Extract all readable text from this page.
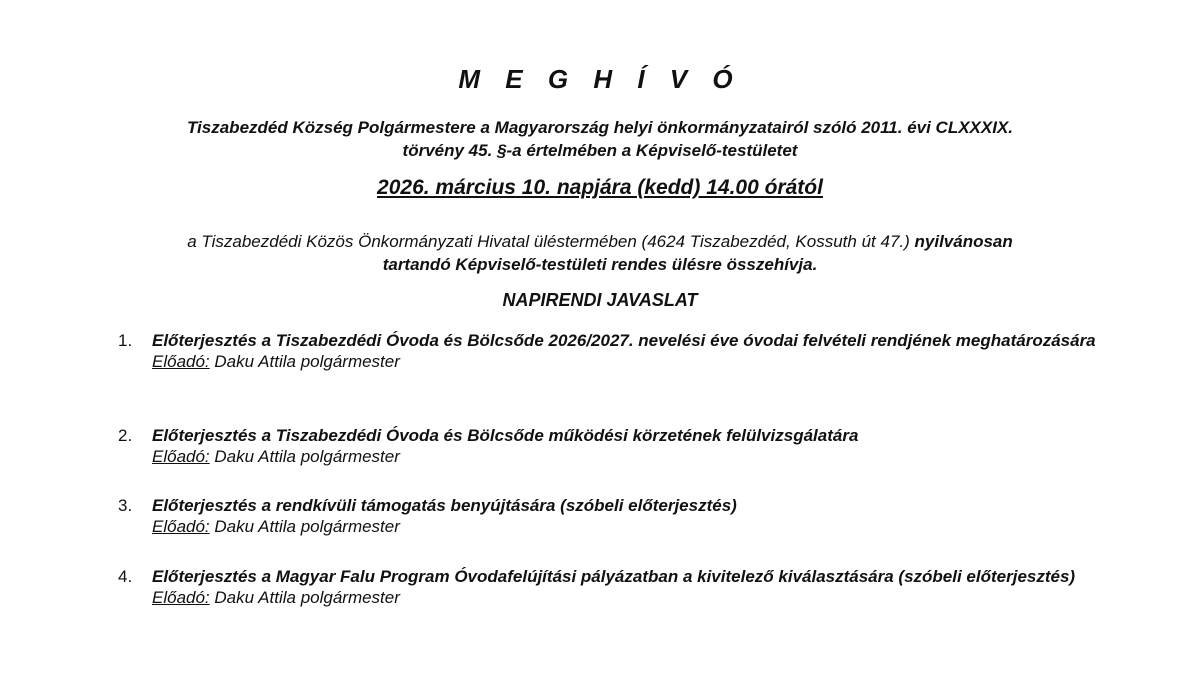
M E G H Í V Ó
Tiszabezdéd Község Polgármestere a Magyarország helyi önkormányzatairól szóló 2011. évi CLXXXIX.
törvény 45. §-a értelmében a Képviselő-testületet
2026. március 10. napjára (kedd) 14.00 órától
a Tiszabezdédi Közös Önkormányzati Hivatal üléstermében (4624 Tiszabezdéd, Kossuth út 47.) nyilvánosan
tartandó Képviselő-testületi rendes ülésre összehívja.
NAPIRENDI JAVASLAT
1. Előterjesztés a Tiszabezdédi Óvoda és Bölcsőde 2026/2027. nevelési éve óvodai felvételi rendjének meghatározására
Előadó: Daku Attila polgármester
2. Előterjesztés a Tiszabezdédi Óvoda és Bölcsőde működési körzetének felülvizsgálatára
Előadó: Daku Attila polgármester
3. Előterjesztés a rendkívüli támogatás benyújtására (szóbeli előterjesztés)
Előadó: Daku Attila polgármester
4. Előterjesztés a Magyar Falu Program Óvodafelújítási pályázatban a kivitelező kiválasztására (szóbeli előterjesztés)
Előadó: Daku Attila polgármester
